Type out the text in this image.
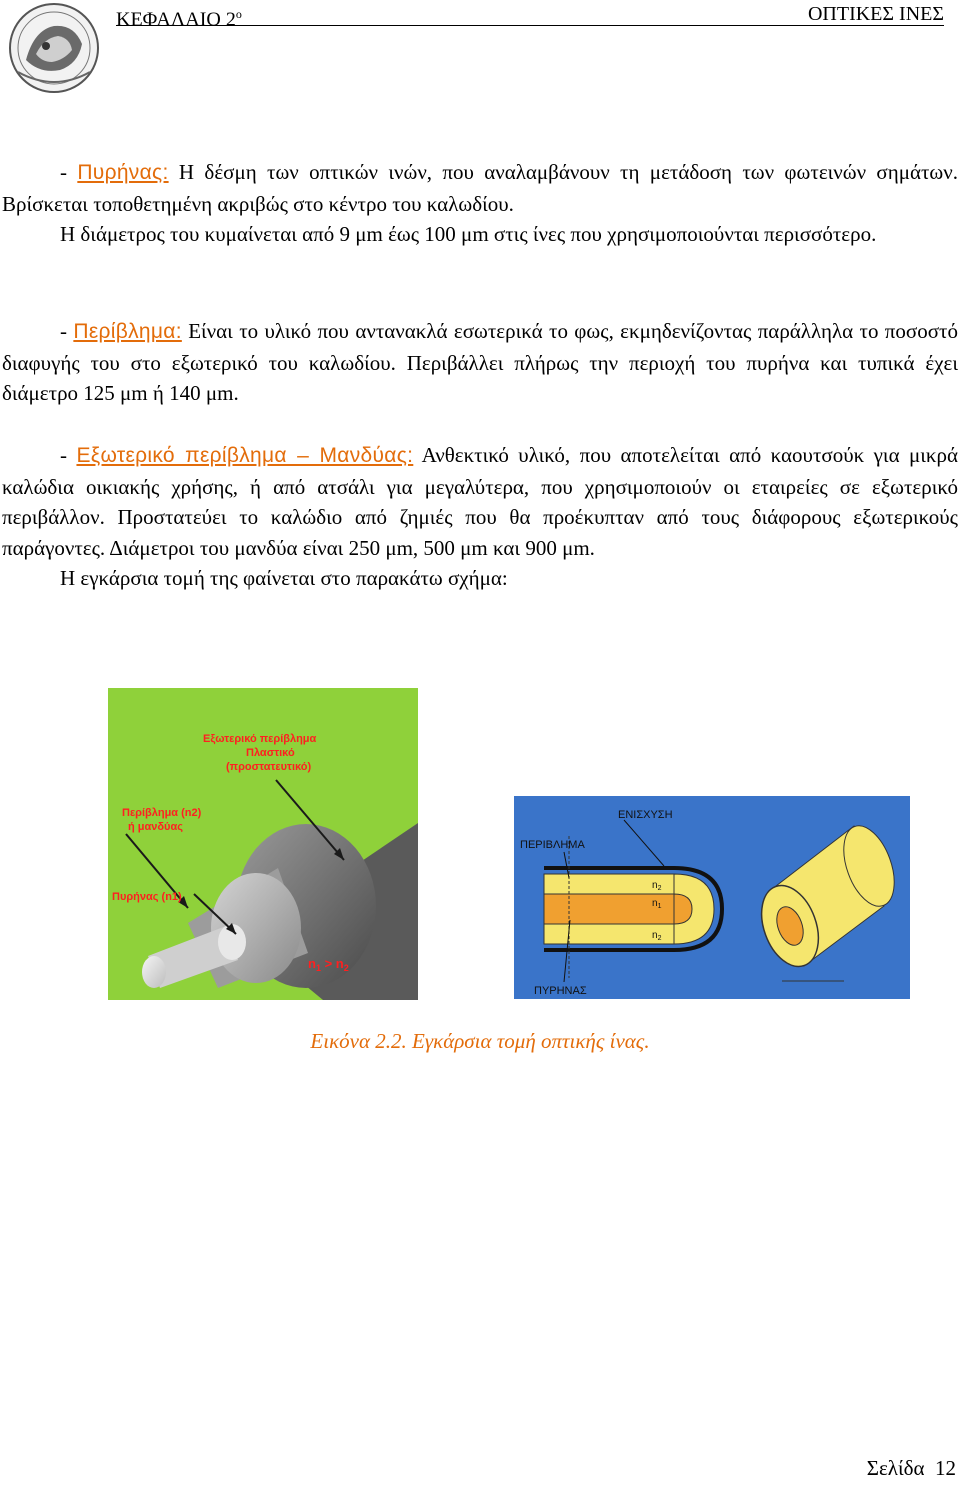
ΚΕΦΑΛΑΙΟ $2^o$	ΟΠΤΙΚΕΣ ΙΝΕΣ
- Πυρήνας: Η δέσμη των οπτικών ινών, που αναλαμβάνουν τη μετάδοση των φωτεινών σημάτων. Βρίσκεται τοποθετημένη ακριβώς στο κέντρο του καλωδίου.
Η διάμετρος του κυμαίνεται από 9 μm έως 100 μm στις ίνες που χρησιμοποιούνται περισσότερο.
- Περίβλημα: Είναι το υλικό που αντανακλά εσωτερικά το φως, εκμηδενίζοντας παράλληλα το ποσοστό διαφυγής του στο εξωτερικό του καλωδίου. Περιβάλλει πλήρως την περιοχή του πυρήνα και τυπικά έχει διάμετρο 125 μm ή 140 μm.
- Εξωτερικό περίβλημα – Μανδύας: Ανθεκτικό υλικό, που αποτελείται από καουτσούκ για μικρά καλώδια οικιακής χρήσης, ή από ατσάλι για μεγαλύτερα, που χρησιμοποιούν οι εταιρείες σε εξωτερικό περιβάλλον. Προστατεύει το καλώδιο από ζημιές που θα προέκυπταν από τους διάφορους εξωτερικούς παράγοντες. Διάμετροι του μανδύα είναι 250 μm, 500 μm και 900 μm.
Η εγκάρσια τομή της φαίνεται στο παρακάτω σχήμα:
Εξωτερικό περίβλημα
Πλαστικό
(προστατευτικό)
Περίβλημα (n2)
ή μανδύας
Πυρήνας (n1)
$n_1 > n_2$
ΕΝΙΣΧΥΣΗ
ΠΕΡΙΒΛΗΜΑ
ΠΥΡΗΝΑΣ
$n_2$
$n_1$
$n_2$
Εικόνα 2.2. Εγκάρσια τομή οπτικής ίνας.
Σελίδα 12
